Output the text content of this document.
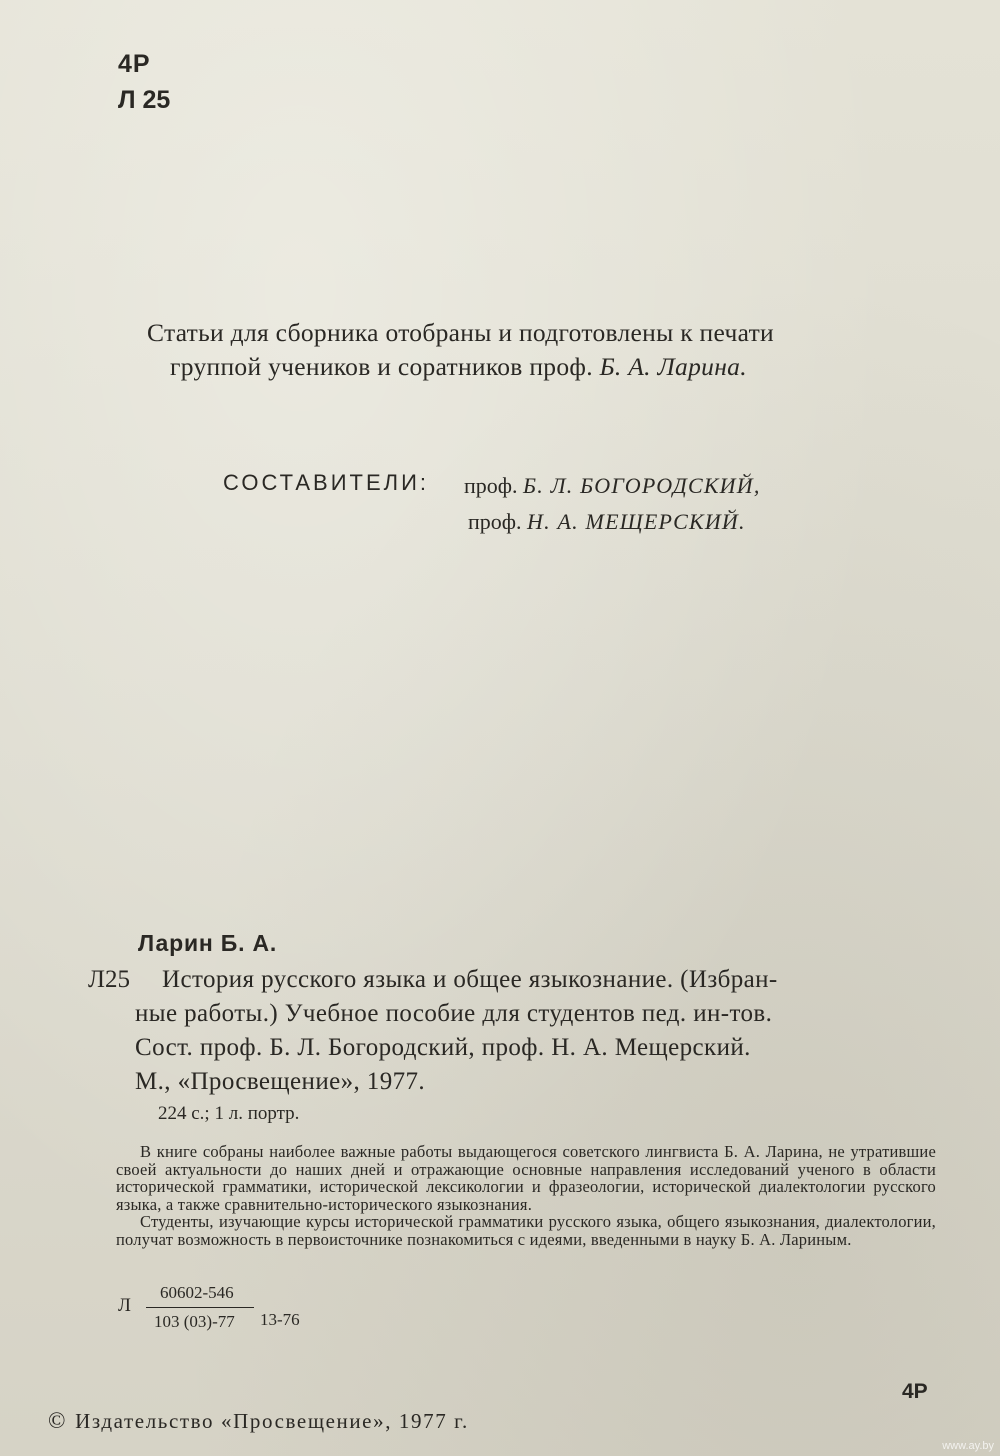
4Р
Л 25
Статьи для сборника отобраны и подготовлены к печати
группой учеников и соратников проф. Б. А. Ларина.
СОСТАВИТЕЛИ: проф. Б. Л. БОГОРОДСКИЙ,
проф. Н. А. МЕЩЕРСКИЙ.
Ларин Б. А.
Л25 История русского языка и общее языкознание. (Избран-
ные работы.) Учебное пособие для студентов пед. ин-тов.
Сост. проф. Б. Л. Богородский, проф. Н. А. Мещерский.
М., «Просвещение», 1977.
224 с.; 1 л. портр.

В книге собраны наиболее важные работы выдающегося советского лингвиста Б. А. Ларина, не утратившие своей актуальности до наших дней и отражающие основные направления исследований ученого в области исторической грамматики, исторической лексикологии и фразеологии, исторической диалектологии русского языка, а также сравнительно-исторического языкознания.

Студенты, изучающие курсы исторической грамматики русского языка, общего языкознания, диалектологии, получат возможность в первоисточнике познакомиться с идеями, введенными в науку Б. А. Лариным.

Л
60602-546
103 (03)-77 13-76
4Р
© Издательство «Просвещение», 1977 г.
www.ay.by
